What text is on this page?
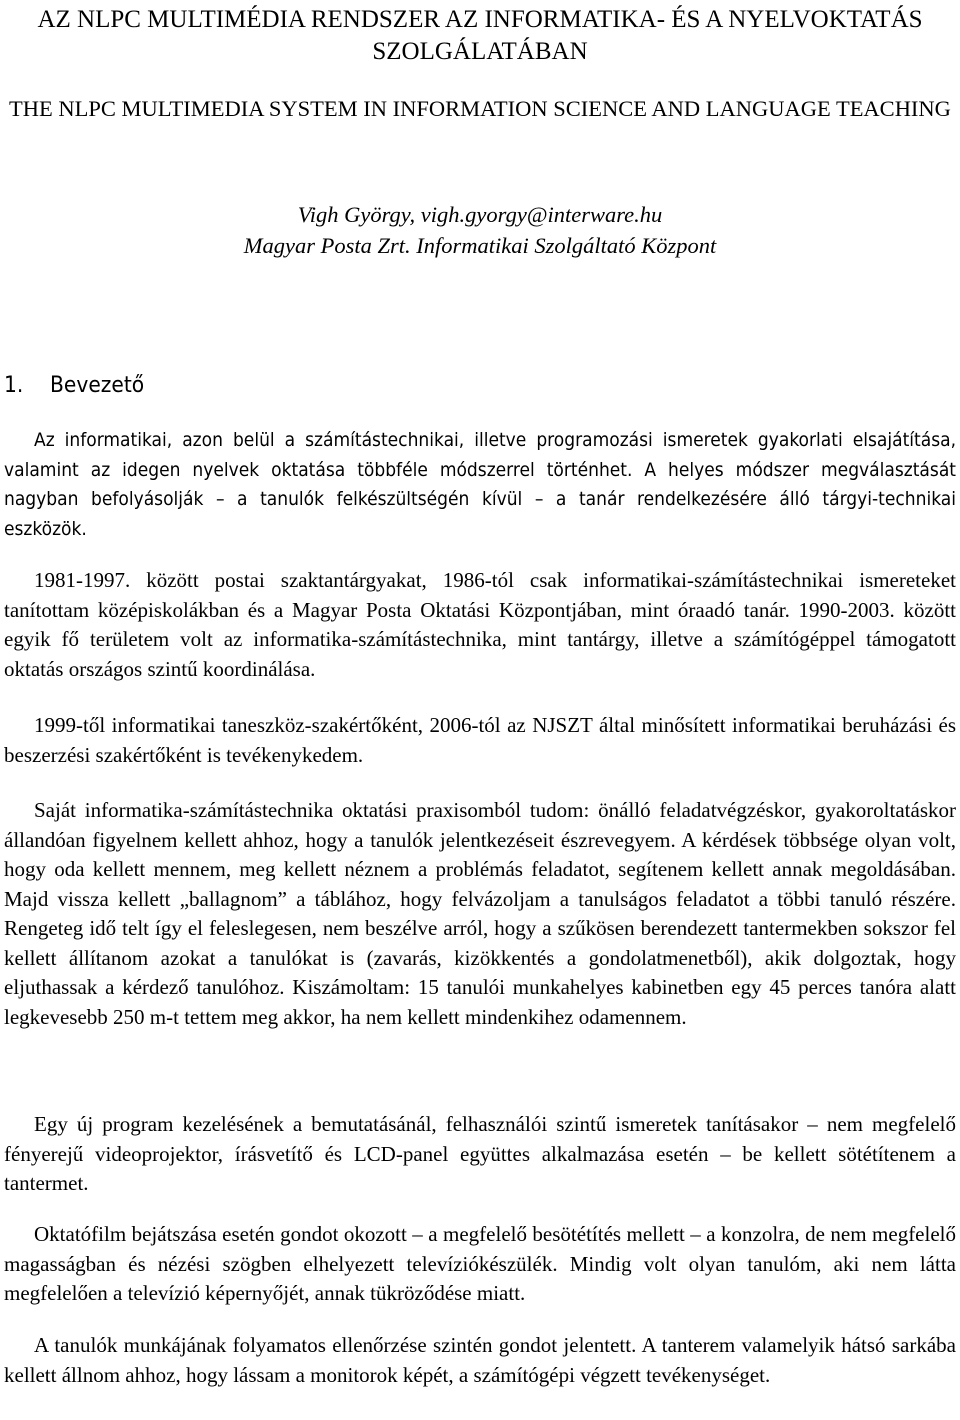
AZ NLPC MULTIMÉDIA RENDSZER AZ INFORMATIKA- ÉS A NYELVOKTATÁS SZOLGÁLATÁBAN

THE NLPC MULTIMEDIA SYSTEM IN INFORMATION SCIENCE AND LANGUAGE TEACHING

Vigh György, vigh.gyorgy@interware.hu

Magyar Posta Zrt. Informatikai Szolgáltató Központ

1. Bevezető

Az informatikai, azon belül a számítástechnikai, illetve programozási ismeretek gyakorlati elsajátítása, valamint az idegen nyelvek oktatása többféle módszerrel történhet. A helyes módszer megválasztását nagyban befolyásolják – a tanulók felkészültségén kívül – a tanár rendelkezésére álló tárgyi-technikai eszközök.

1981-1997. között postai szaktantárgyakat, 1986-tól csak informatikai-számítástechnikai ismereteket tanítottam középiskolákban és a Magyar Posta Oktatási Központjában, mint óraadó tanár. 1990-2003. között egyik fő területem volt az informatika-számítástechnika, mint tantárgy, illetve a számítógéppel támogatott oktatás országos szintű koordinálása.

1999-től informatikai taneszköz-szakértőként, 2006-tól az NJSZT által minősített informatikai beruházási és beszerzési szakértőként is tevékenykedem.

Saját informatika-számítástechnika oktatási praxisomból tudom: önálló feladatvégzéskor, gyakoroltatáskor állandóan figyelnem kellett ahhoz, hogy a tanulók jelentkezéseit észrevegyem. A kérdések többsége olyan volt, hogy oda kellett mennem, meg kellett néznem a problémás feladatot, segítenem kellett annak megoldásában. Majd vissza kellett „ballagnom” a táblához, hogy felvázoljam a tanulságos feladatot a többi tanuló részére. Rengeteg idő telt így el feleslegesen, nem beszélve arról, hogy a szűkösen berendezett tantermekben sokszor fel kellett állítanom azokat a tanulókat is (zavarás, kizökkentés a gondolatmenetből), akik dolgoztak, hogy eljuthassak a kérdező tanulóhoz. Kiszámoltam: 15 tanulói munkahelyes kabinetben egy 45 perces tanóra alatt legkevesebb 250 m-t tettem meg akkor, ha nem kellett mindenkihez odamennem.

Egy új program kezelésének a bemutatásánál, felhasználói szintű ismeretek tanításakor – nem megfelelő fényerejű videoprojektor, írásvetítő és LCD-panel együttes alkalmazása esetén – be kellett sötétítenem a tantermet.

Oktatófilm bejátszása esetén gondot okozott – a megfelelő besötétítés mellett – a konzolra, de nem megfelelő magasságban és nézési szögben elhelyezett televíziókészülék. Mindig volt olyan tanulóm, aki nem látta megfelelően a televízió képernyőjét, annak tükröződése miatt.

A tanulók munkájának folyamatos ellenőrzése szintén gondot jelentett. A tanterem valamelyik hátsó sarkába kellett állnom ahhoz, hogy lássam a monitorok képét, a számítógépi végzett tevékenységet.
